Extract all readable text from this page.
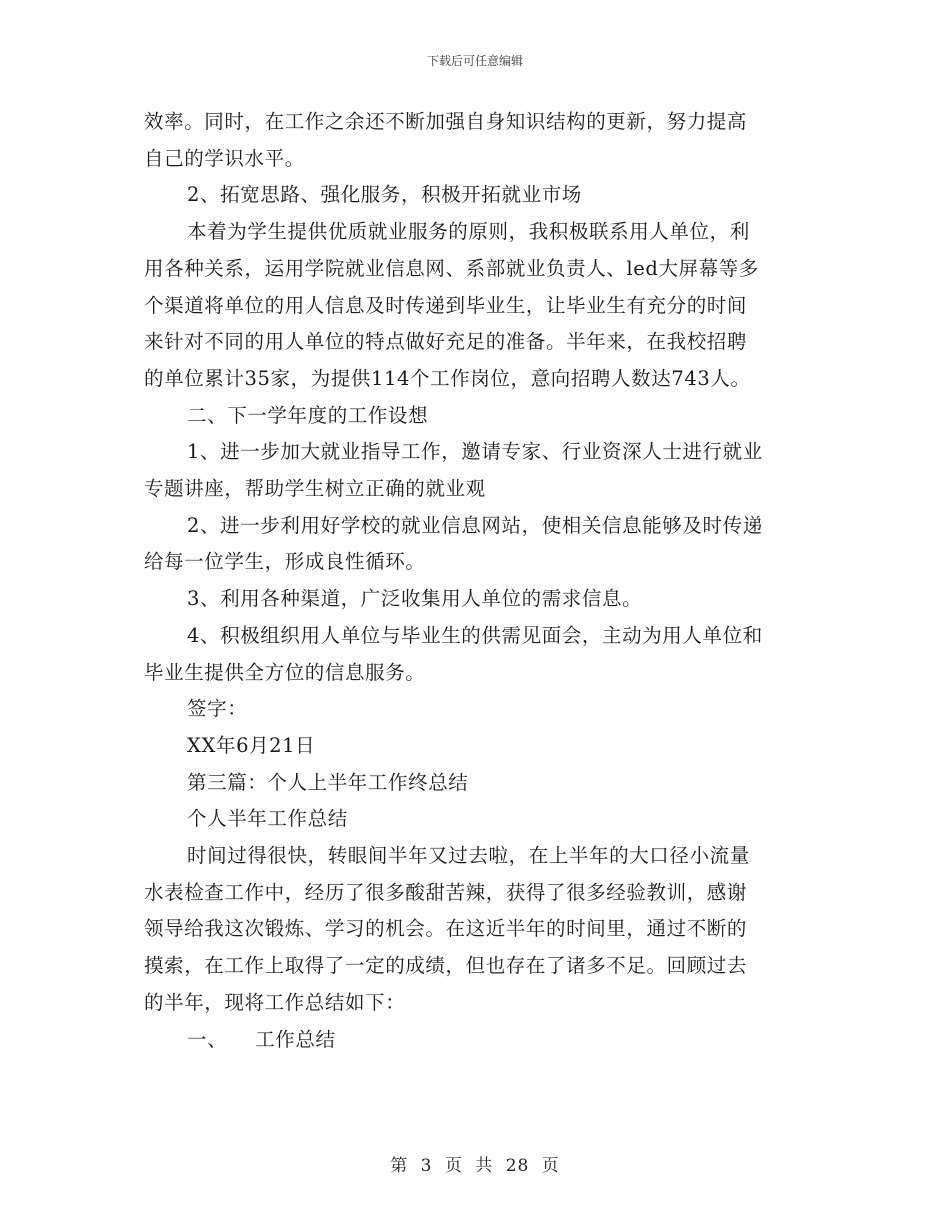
下载后可任意编辑

效率。同时，在工作之余还不断加强自身知识结构的更新，努力提高

自己的学识水平。

2、拓宽思路、强化服务，积极开拓就业市场

本着为学生提供优质就业服务的原则，我积极联系用人单位，利

用各种关系，运用学院就业信息网、系部就业负责人、led大屏幕等多

个渠道将单位的用人信息及时传递到毕业生，让毕业生有充分的时间

来针对不同的用人单位的特点做好充足的准备。半年来，在我校招聘

的单位累计35家，为提供114个工作岗位，意向招聘人数达743人。

二、下一学年度的工作设想

1、进一步加大就业指导工作，邀请专家、行业资深人士进行就业

专题讲座，帮助学生树立正确的就业观

2、进一步利用好学校的就业信息网站，使相关信息能够及时传递

给每一位学生，形成良性循环。

3、利用各种渠道，广泛收集用人单位的需求信息。

4、积极组织用人单位与毕业生的供需见面会，主动为用人单位和

毕业生提供全方位的信息服务。

签字：

XX年6月21日

第三篇：个人上半年工作终总结

个人半年工作总结

时间过得很快，转眼间半年又过去啦，在上半年的大口径小流量

水表检查工作中，经历了很多酸甜苦辣，获得了很多经验教训，感谢

领导给我这次锻炼、学习的机会。在这近半年的时间里，通过不断的

摸索，在工作上取得了一定的成绩，但也存在了诸多不足。回顾过去

的半年，现将工作总结如下：

一、 工作总结

第 3 页 共 28 页
